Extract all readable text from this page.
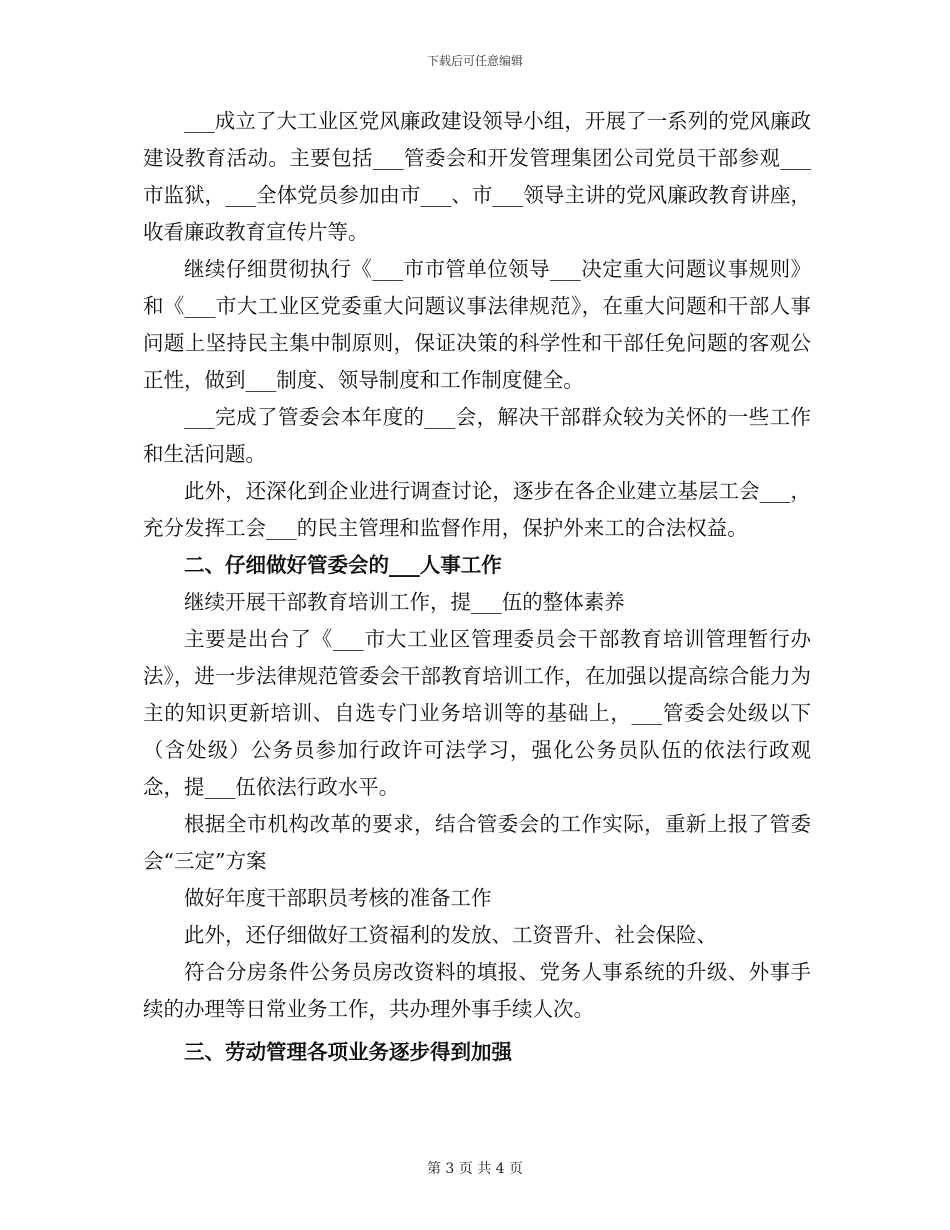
下载后可任意编辑

___成立了大工业区党风廉政建设领导小组，开展了一系列的党风廉政建设教育活动。主要包括___管委会和开发管理集团公司党员干部参观___市监狱，___全体党员参加由市___、市___领导主讲的党风廉政教育讲座，收看廉政教育宣传片等。

继续仔细贯彻执行《___市市管单位领导___决定重大问题议事规则》和《___市大工业区党委重大问题议事法律规范》，在重大问题和干部人事问题上坚持民主集中制原则，保证决策的科学性和干部任免问题的客观公正性，做到___制度、领导制度和工作制度健全。

___完成了管委会本年度的___会，解决干部群众较为关怀的一些工作和生活问题。

此外，还深化到企业进行调查讨论，逐步在各企业建立基层工会___，充分发挥工会___的民主管理和监督作用，保护外来工的合法权益。

二、仔细做好管委会的___人事工作

继续开展干部教育培训工作，提___伍的整体素养

主要是出台了《___市大工业区管理委员会干部教育培训管理暂行办法》，进一步法律规范管委会干部教育培训工作，在加强以提高综合能力为主的知识更新培训、自选专门业务培训等的基础上，___管委会处级以下（含处级）公务员参加行政许可法学习，强化公务员队伍的依法行政观念，提___伍依法行政水平。

根据全市机构改革的要求，结合管委会的工作实际，重新上报了管委会“三定”方案

做好年度干部职员考核的准备工作

此外，还仔细做好工资福利的发放、工资晋升、社会保险、

符合分房条件公务员房改资料的填报、党务人事系统的升级、外事手续的办理等日常业务工作，共办理外事手续人次。

三、劳动管理各项业务逐步得到加强

第 3 页 共 4 页
